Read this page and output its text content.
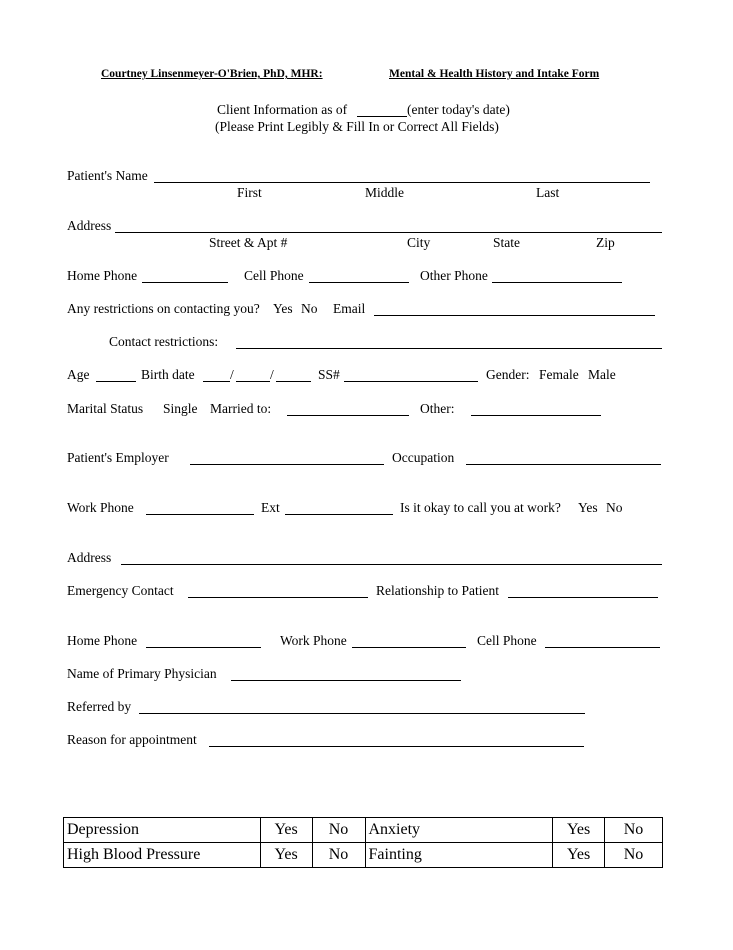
Courtney Linsenmeyer-O'Brien, PhD, MHR:	Mental & Health History and Intake Form
Client Information as of	(enter today's date)
(Please Print Legibly & Fill In or Correct All Fields)
Patient's Name
First	Middle	Last
Address
Street & Apt #	City	State	Zip
Home Phone	Cell Phone	Other Phone
Any restrictions on contacting you? Yes No Email
Contact restrictions:
Age	Birth date	/	/	SS#	Gender: Female Male
Marital Status Single Married to:	Other:
Patient's Employer	Occupation
Work Phone	Ext	Is it okay to call you at work? Yes No
Address
Emergency Contact	Relationship to Patient
Home Phone	Work Phone	Cell Phone
Name of Primary Physician
Referred by
Reason for appointment
Depression	Yes	No	Anxiety	Yes	No
High Blood Pressure	Yes	No	Fainting	Yes	No
